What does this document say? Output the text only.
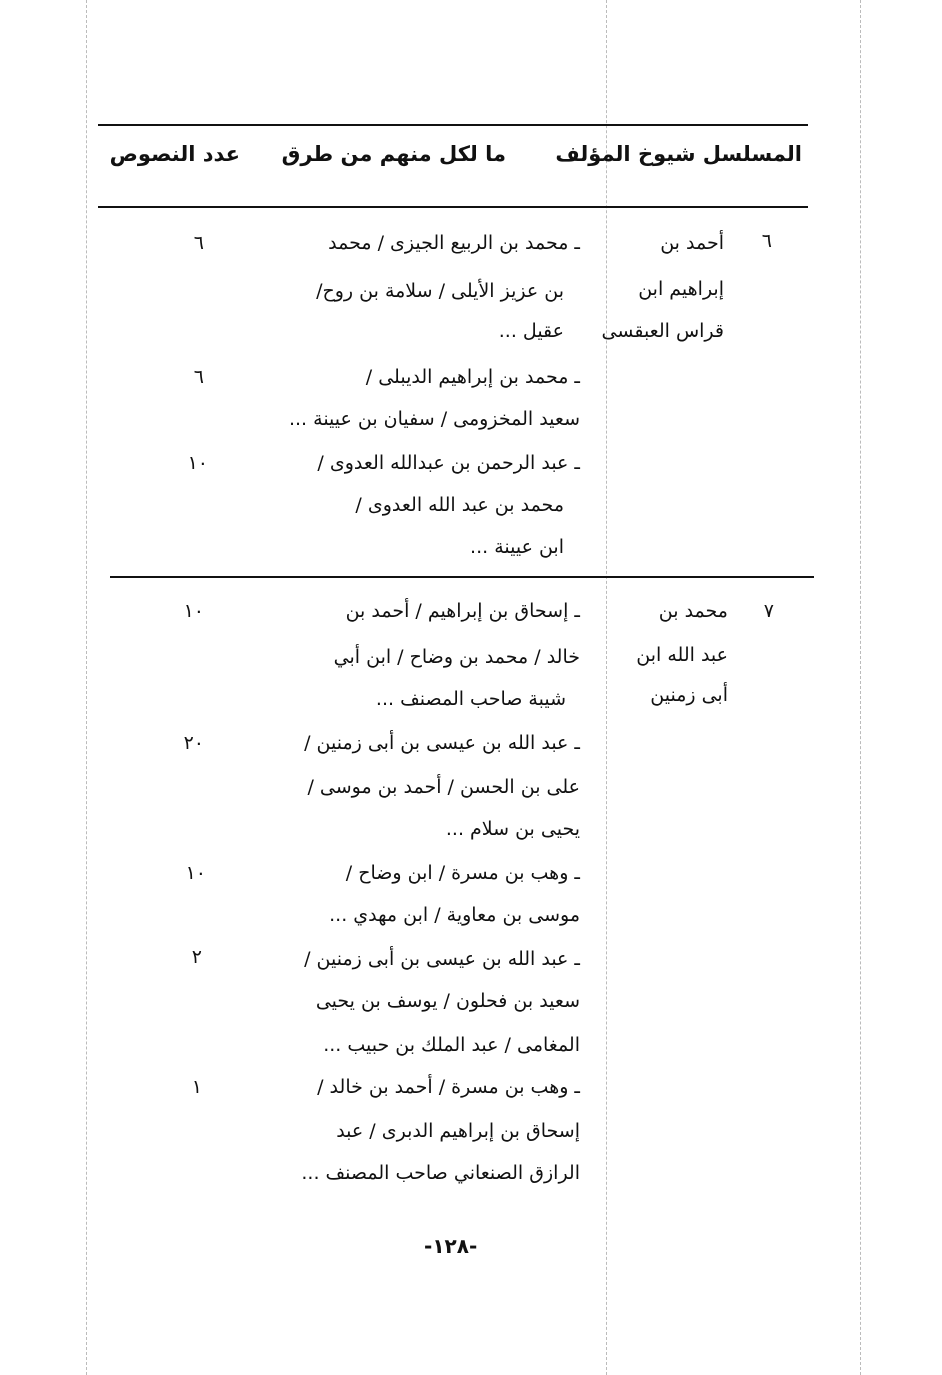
المسلسل شيوخ المؤلف
ما لكل منهم من طرق
عدد النصوص
٦
أحمد بن
إبراهيم ابن
قراس العبقسى
ـ محمد بن الربيع الجيزى / محمد
بن عزيز الأيلى / سلامة بن روح/
عقيل ...
٦
ـ محمد بن إبراهيم الديبلى /
سعيد المخزومى / سفيان بن عيينة ...
٦
ـ عبد الرحمن بن عبدالله العدوى /
محمد بن عبد الله العدوى /
ابن عيينة ...
١٠
٧
محمد بن
عبد الله ابن
أبى زمنين
ـ إسحاق بن إبراهيم / أحمد بن
خالد / محمد بن وضاح / ابن أبي
شيبة صاحب المصنف ...
١٠
ـ عبد الله بن عيسى بن أبى زمنين /
على بن الحسن / أحمد بن موسى /
يحيى بن سلام ...
٢٠
ـ وهب بن مسرة / ابن وضاح /
موسى بن معاوية / ابن مهدي ...
١٠
ـ عبد الله بن عيسى بن أبى زمنين /
سعيد بن فحلون / يوسف بن يحيى
المغامى / عبد الملك بن حبيب ...
٢
ـ وهب بن مسرة / أحمد بن خالد /
إسحاق بن إبراهيم الدبرى / عبد
الرازق الصنعاني صاحب المصنف ...
١
-١٢٨-
